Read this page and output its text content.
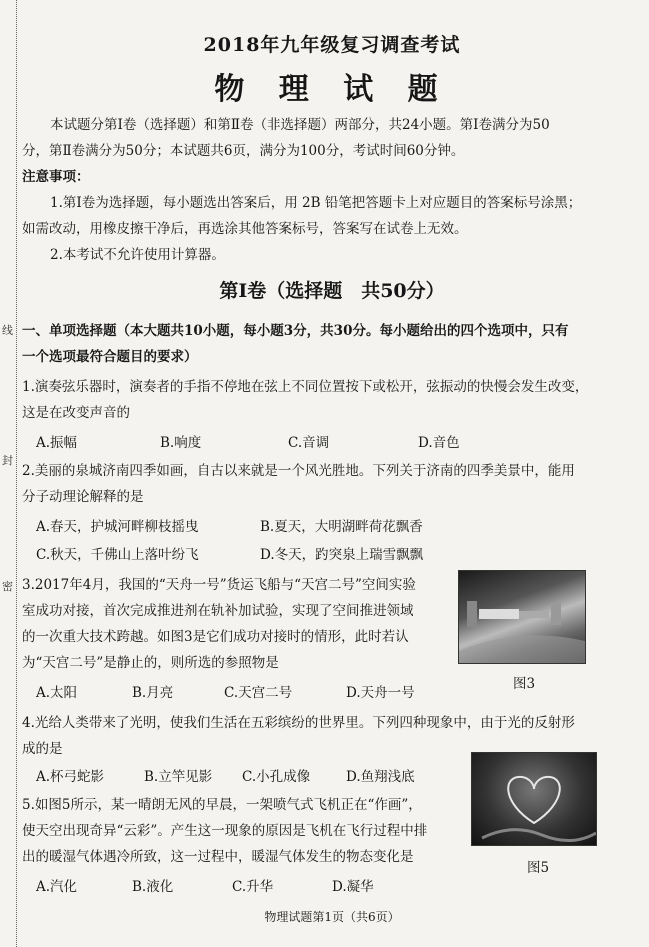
线
封
密
2018年九年级复习调查考试
物 理 试 题
本试题分第Ⅰ卷（选择题）和第Ⅱ卷（非选择题）两部分，共24小题。第Ⅰ卷满分为50
分，第Ⅱ卷满分为50分；本试题共6页，满分为100分，考试时间60分钟。
注意事项：
1.第Ⅰ卷为选择题，每小题选出答案后，用 2B 铅笔把答题卡上对应题目的答案标号涂黑；
如需改动，用橡皮擦干净后，再选涂其他答案标号，答案写在试卷上无效。
2.本考试不允许使用计算器。
第Ⅰ卷（选择题　共50分）
一、单项选择题（本大题共10小题，每小题3分，共30分。每小题给出的四个选项中，只有
一个选项最符合题目的要求）
1.演奏弦乐器时，演奏者的手指不停地在弦上不同位置按下或松开，弦振动的快慢会发生改变，
这是在改变声音的
A.振幅	B.响度	C.音调	D.音色
2.美丽的泉城济南四季如画，自古以来就是一个风光胜地。下列关于济南的四季美景中，能用
分子动理论解释的是
A.春天，护城河畔柳枝摇曳	B.夏天，大明湖畔荷花飘香
C.秋天，千佛山上落叶纷飞	D.冬天，趵突泉上瑞雪飘飘
3.2017年4月，我国的“天舟一号”货运飞船与“天宫二号”空间实验
室成功对接，首次完成推进剂在轨补加试验，实现了空间推进领域
的一次重大技术跨越。如图3是它们成功对接时的情形，此时若认
为“天宫二号”是静止的，则所选的参照物是
A.太阳	B.月亮	C.天宫二号	D.天舟一号
图3
4.光给人类带来了光明，使我们生活在五彩缤纷的世界里。下列四种现象中，由于光的反射形
成的是
A.杯弓蛇影	B.立竿见影 C.小孔成像	D.鱼翔浅底
图5
5.如图5所示，某一晴朗无风的早晨，一架喷气式飞机正在“作画”，
使天空出现奇异“云彩”。产生这一现象的原因是飞机在飞行过程中排
出的暖湿气体遇冷所致，这一过程中，暖湿气体发生的物态变化是
A.汽化	B.液化	C.升华	D.凝华
物理试题第1页（共6页）
